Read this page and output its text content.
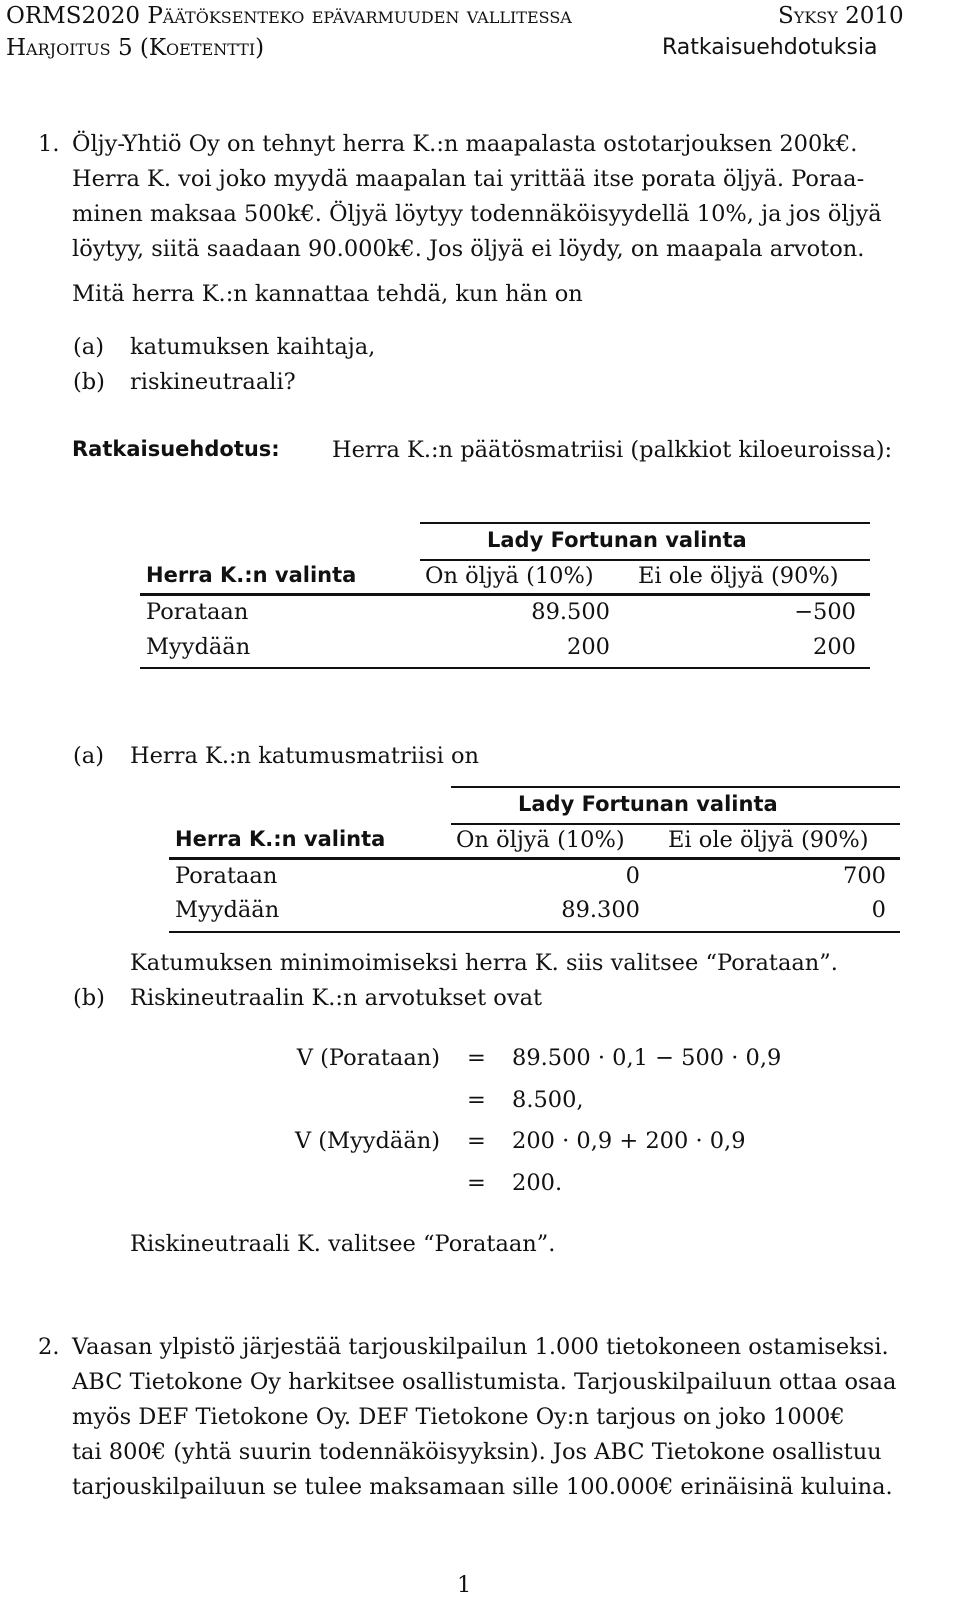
ORMS2020 Päätöksenteko epävarmuuden vallitessa	Syksy 2010
Harjoitus 5 (Koetentti)	Ratkaisuehdotuksia
1. Öljy-Yhtiö Oy on tehnyt herra K.:n maapalasta ostotarjouksen 200k€.
Herra K. voi joko myydä maapalan tai yrittää itse porata öljyä. Poraa-
minen maksaa 500k€. Öljyä löytyy todennäköisyydellä 10%, ja jos öljyä
löytyy, siitä saadaan 90.000k€. Jos öljyä ei löydy, on maapala arvoton.
Mitä herra K.:n kannattaa tehdä, kun hän on
(a) katumuksen kaihtaja,
(b) riskineutraali?
Ratkaisuehdotus: Herra K.:n päätösmatriisi (palkkiot kiloeuroissa):
Lady Fortunan valinta
Herra K.:n valinta	On öljyä (10%) Ei ole öljyä (90%)
Porataan	89.500	−500
Myydään	200	200
(a) Herra K.:n katumusmatriisi on
Lady Fortunan valinta
Herra K.:n valinta	On öljyä (10%) Ei ole öljyä (90%)
Porataan	0	700
Myydään	89.300	0
Katumuksen minimoimiseksi herra K. siis valitsee “Porataan”.
(b) Riskineutraalin K.:n arvotukset ovat
V (Porataan) = 89.500 · 0,1 − 500 · 0,9
= 8.500,
V (Myydään) = 200 · 0,9 + 200 · 0,9
= 200.
Riskineutraali K. valitsee “Porataan”.
2. Vaasan ylpistö järjestää tarjouskilpailun 1.000 tietokoneen ostamiseksi.
ABC Tietokone Oy harkitsee osallistumista. Tarjouskilpailuun ottaa osaa
myös DEF Tietokone Oy. DEF Tietokone Oy:n tarjous on joko 1000€
tai 800€ (yhtä suurin todennäköisyyksin). Jos ABC Tietokone osallistuu
tarjouskilpailuun se tulee maksamaan sille 100.000€ erinäisinä kuluina.
1
